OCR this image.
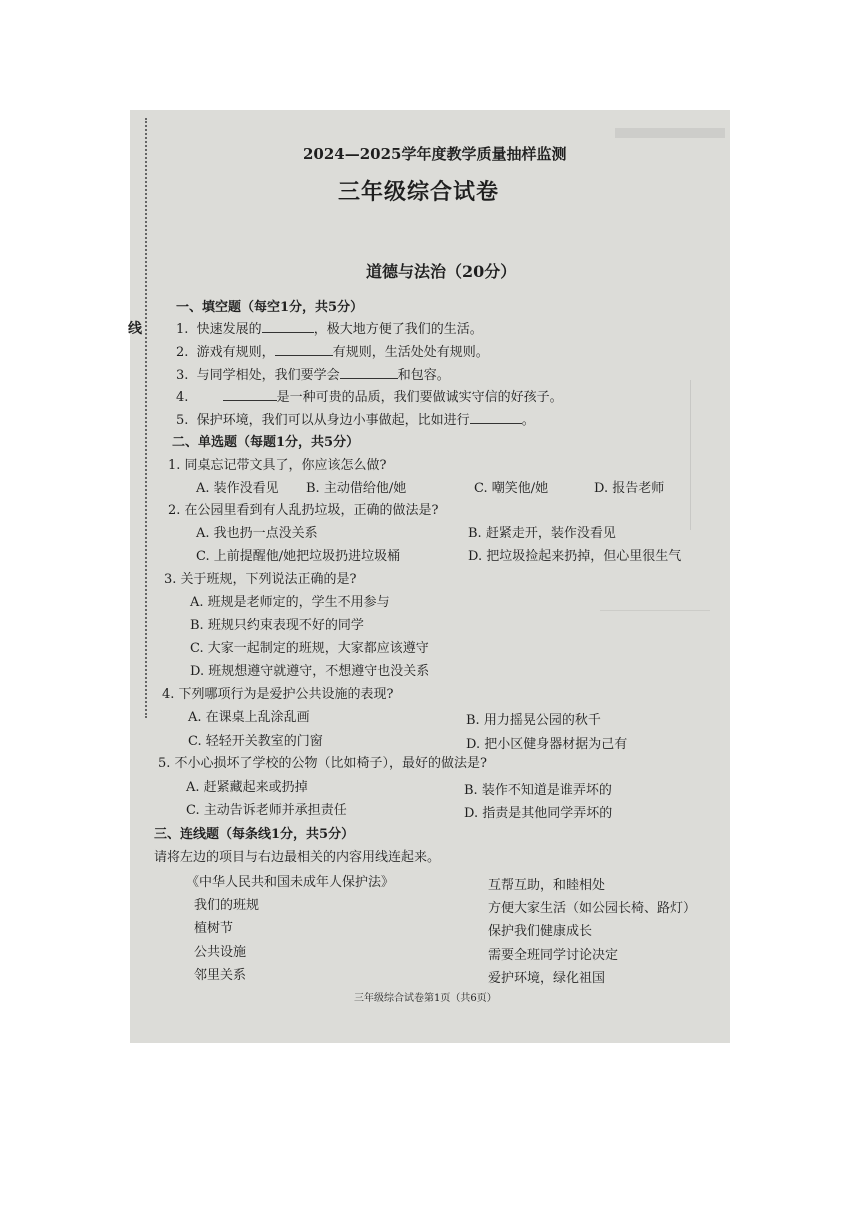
线
2024—2025学年度教学质量抽样监测
三年级综合试卷
道德与法治（20分）
一、填空题（每空1分，共5分）
1. 快速发展的	，极大地方便了我们的生活。
2. 游戏有规则，	有规则，生活处处有规则。
3. 与同学相处，我们要学会	和包容。
4.	是一种可贵的品质，我们要做诚实守信的好孩子。
5. 保护环境，我们可以从身边小事做起，比如进行	。
二、单选题（每题1分，共5分）
1. 同桌忘记带文具了，你应该怎么做?
A. 装作没看见 B. 主动借给他/她	C. 嘲笑他/她	D. 报告老师
2. 在公园里看到有人乱扔垃圾，正确的做法是?
A. 我也扔一点没关系	B. 赶紧走开，装作没看见
C. 上前提醒他/她把垃圾扔进垃圾桶	D. 把垃圾捡起来扔掉，但心里很生气
3. 关于班规，下列说法正确的是?
A. 班规是老师定的，学生不用参与
B. 班规只约束表现不好的同学
C. 大家一起制定的班规，大家都应该遵守
D. 班规想遵守就遵守，不想遵守也没关系
4. 下列哪项行为是爱护公共设施的表现?
A. 在课桌上乱涂乱画	B. 用力摇晃公园的秋千
C. 轻轻开关教室的门窗	D. 把小区健身器材据为己有
5. 不小心损坏了学校的公物（比如椅子），最好的做法是?
A. 赶紧藏起来或扔掉	B. 装作不知道是谁弄坏的
C. 主动告诉老师并承担责任	D. 指责是其他同学弄坏的
三、连线题（每条线1分，共5分）
请将左边的项目与右边最相关的内容用线连起来。
《中华人民共和国未成年人保护法》
我们的班规
植树节
公共设施
邻里关系
互帮互助，和睦相处
方便大家生活（如公园长椅、路灯）
保护我们健康成长
需要全班同学讨论决定
爱护环境，绿化祖国
三年级综合试卷第1页（共6页）
